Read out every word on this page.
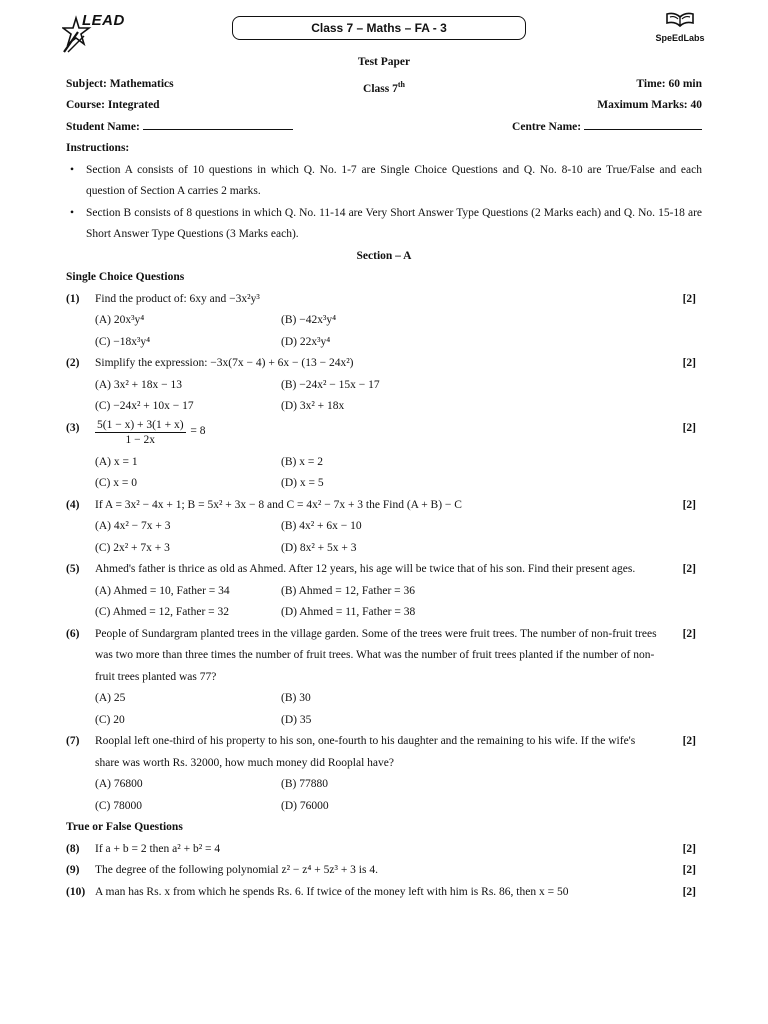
LEAD	Class 7 – Maths – FA - 3
SpeEdLabs
Test Paper
Subject: Mathematics	Class 7th	Time: 60 min
Course: Integrated	Maximum Marks: 40
Student Name:	Centre Name:
Instructions:
• Section A consists of 10 questions in which Q. No. 1-7 are Single Choice Questions and Q. No. 8-10 are True/False and each question of Section A carries 2 marks.
• Section B consists of 8 questions in which Q. No. 11-14 are Very Short Answer Type Questions (2 Marks each) and Q. No. 15-18 are Short Answer Type Questions (3 Marks each).
Section – A
Single Choice Questions
(1) Find the product of: 6xy and −3x²y³	[2]
(A) 20x³y⁴	(B) −42x³y⁴
(C) −18x³y⁴	(D) 22x³y⁴
(2) Simplify the expression: −3x(7x − 4) + 6x − (13 − 24x²)	[2]
(A) 3x² + 18x − 13	(B) −24x² − 15x − 17
(C) −24x² + 10x − 17	(D) 3x² + 18x
$(3) \frac{5(1 - x) + 3(1 + x)}{1 - 2x} = 8$	[2]
(A) x = 1	(B) x = 2
(C) x = 0	(D) x = 5
(4) If A = 3x² − 4x + 1; B = 5x² + 3x − 8 and C = 4x² − 7x + 3 the Find (A + B) − C	[2]
(A) 4x² − 7x + 3	(B) 4x² + 6x − 10
(C) 2x² + 7x + 3	(D) 8x² + 5x + 3
(5) Ahmed's father is thrice as old as Ahmed. After 12 years, his age will be twice that of his son. Find their present ages.	[2]
(A) Ahmed = 10, Father = 34	(B) Ahmed = 12, Father = 36
(C) Ahmed = 12, Father = 32	(D) Ahmed = 11, Father = 38
(6) People of Sundargram planted trees in the village garden. Some of the trees were fruit trees. The number of non-fruit trees was two more than three times the number of fruit trees. What was the number of fruit trees planted if the number of non-fruit trees planted was 77?
[2]
(A) 25	(B) 30
(C) 20	(D) 35
(7) Rooplal left one-third of his property to his son, one-fourth to his daughter and the remaining to his wife. If the wife's share was worth Rs. 32000, how much money did Rooplal have?
[2]
(A) 76800	(B) 77880
(C) 78000	(D) 76000
True or False Questions
(8) If a + b = 2 then a² + b² = 4	[2]
(9) The degree of the following polynomial z² − z⁴ + 5z³ + 3 is 4.	[2]
(10) A man has Rs. x from which he spends Rs. 6. If twice of the money left with him is Rs. 86, then x = 50	[2]
